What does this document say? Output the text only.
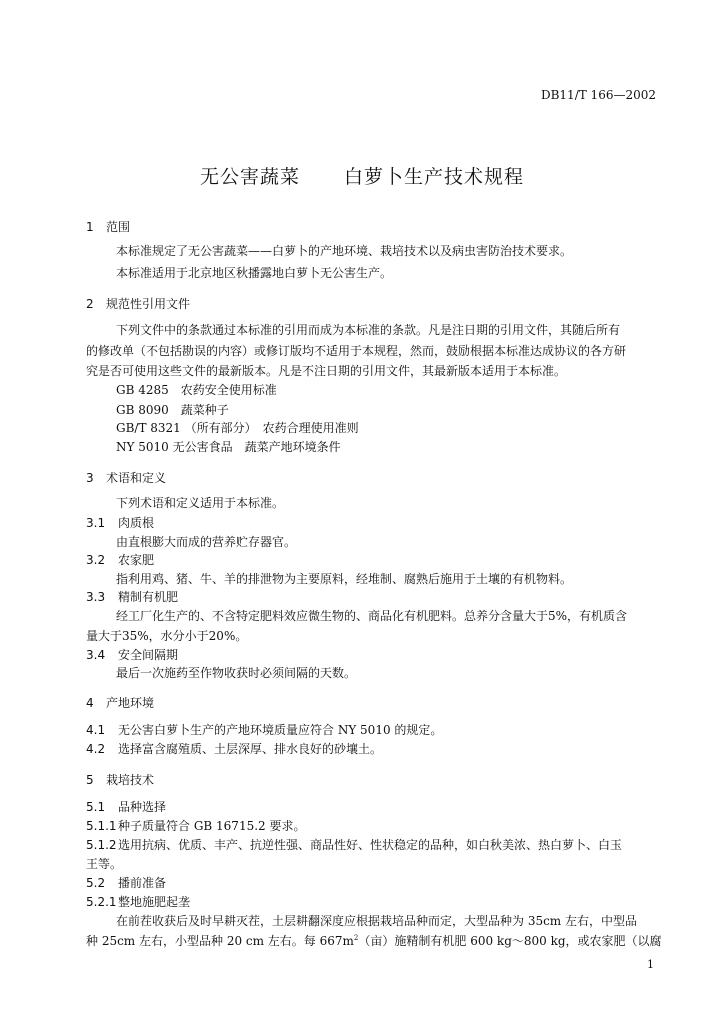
DB11/T 166—2002
无公害蔬菜 白萝卜生产技术规程
1 范围
本标准规定了无公害蔬菜——白萝卜的产地环境、栽培技术以及病虫害防治技术要求。
本标准适用于北京地区秋播露地白萝卜无公害生产。
2 规范性引用文件
下列文件中的条款通过本标准的引用而成为本标准的条款。凡是注日期的引用文件，其随后所有
的修改单（不包括勘误的内容）或修订版均不适用于本规程，然而，鼓励根据本标准达成协议的各方研
究是否可使用这些文件的最新版本。凡是不注日期的引用文件，其最新版本适用于本标准。
GB 4285　农药安全使用标准
GB 8090　蔬菜种子
GB/T 8321 （所有部分）　农药合理使用准则
NY 5010 无公害食品　蔬菜产地环境条件
3 术语和定义
下列术语和定义适用于本标准。
3.1 肉质根
由直根膨大而成的营养贮存器官。
3.2 农家肥
指利用鸡、猪、牛、羊的排泄物为主要原料，经堆制、腐熟后施用于土壤的有机物料。
3.3 精制有机肥
经工厂化生产的、不含特定肥料效应微生物的、商品化有机肥料。总养分含量大于5%，有机质含
量大于35%，水分小于20%。
3.4 安全间隔期
最后一次施药至作物收获时必须间隔的天数。
4 产地环境
4.1 无公害白萝卜生产的产地环境质量应符合 NY 5010 的规定。
4.2 选择富含腐殖质、土层深厚、排水良好的砂壤土。
5 栽培技术
5.1 品种选择
5.1.1种子质量符合 GB 16715.2 要求。
5.1.2选用抗病、优质、丰产、抗逆性强、商品性好、性状稳定的品种，如白秋美浓、热白萝卜、白玉
王等。
5.2 播前准备
5.2.1整地施肥起垄
在前茬收获后及时早耕灭茬，土层耕翻深度应根据栽培品种而定，大型品种为 35cm 左右，中型品
种 25cm 左右，小型品种 20 cm 左右。每 $667m^2$（亩）施精制有机肥 600 kg～800 kg，或农家肥（以腐
1
